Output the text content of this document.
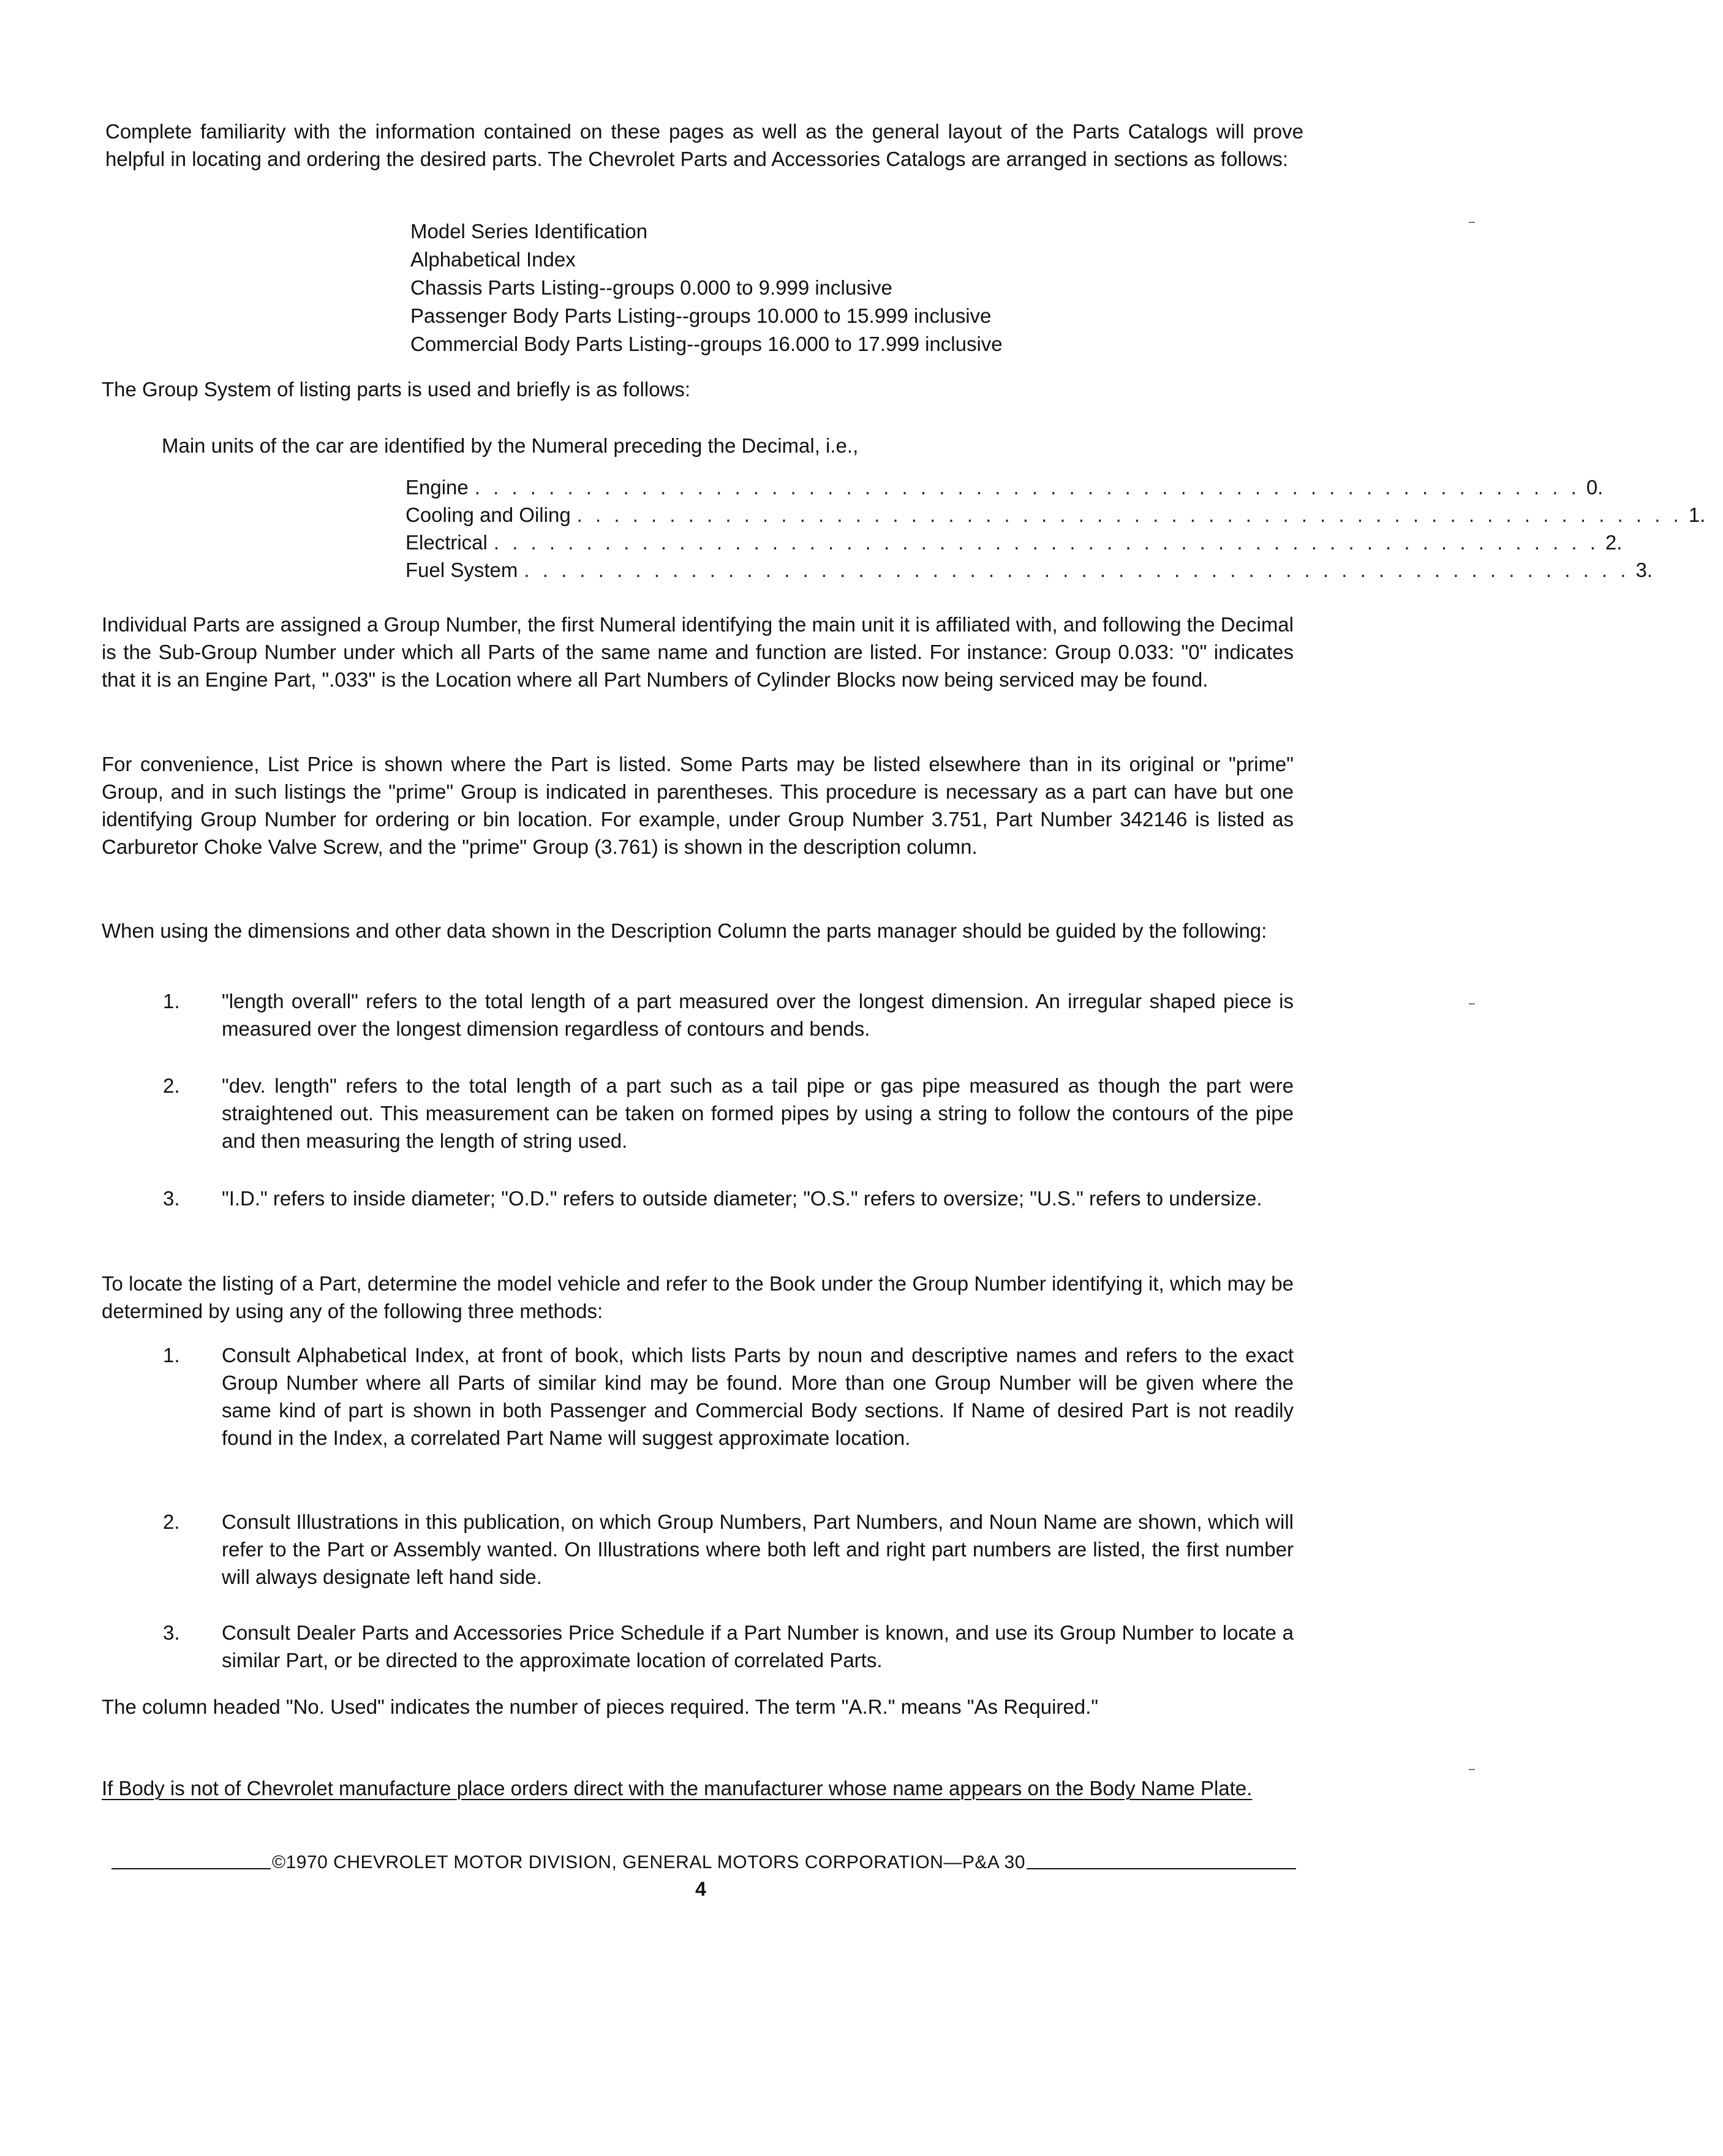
Complete familiarity with the information contained on these pages as well as the general layout of the Parts Catalogs will prove helpful in locating and ordering the desired parts. The Chevrolet Parts and Accessories Catalogs are arranged in sections as follows:

Model Series Identification
Alphabetical Index
Chassis Parts Listing--groups 0.000 to 9.999 inclusive
Passenger Body Parts Listing--groups 10.000 to 15.999 inclusive
Commercial Body Parts Listing--groups 16.000 to 17.999 inclusive

The Group System of listing parts is used and briefly is as follows:

Main units of the car are identified by the Numeral preceding the Decimal, i.e.,

Engine . . . . . . . . . . . . . . . . . . . . . . . . . . . . . . . . . . . . . . . . . . . . . . . . . . . . . . . . . . . . 0.
Cooling and Oiling . . . . . . . . . . . . . . . . . . . . . . . . . . . . . . . . . . . . . . . . . . . . . . . . . . . . . . . . . . . . 1.
Electrical . . . . . . . . . . . . . . . . . . . . . . . . . . . . . . . . . . . . . . . . . . . . . . . . . . . . . . . . . . . . 2.
Fuel System . . . . . . . . . . . . . . . . . . . . . . . . . . . . . . . . . . . . . . . . . . . . . . . . . . . . . . . . . . . . 3.

Individual Parts are assigned a Group Number, the first Numeral identifying the main unit it is affiliated with, and following the Decimal is the Sub-Group Number under which all Parts of the same name and function are listed. For instance: Group 0.033: "0" indicates that it is an Engine Part, ".033" is the Location where all Part Numbers of Cylinder Blocks now being serviced may be found.

For convenience, List Price is shown where the Part is listed. Some Parts may be listed elsewhere than in its original or "prime" Group, and in such listings the "prime" Group is indicated in parentheses. This procedure is necessary as a part can have but one identifying Group Number for ordering or bin location. For example, under Group Number 3.751, Part Number 342146 is listed as Carburetor Choke Valve Screw, and the "prime" Group (3.761) is shown in the description column.

When using the dimensions and other data shown in the Description Column the parts manager should be guided by the following:

1.	"length overall" refers to the total length of a part measured over the longest dimension. An irregular shaped piece is measured over the longest dimension regardless of contours and bends.
2.	"dev. length" refers to the total length of a part such as a tail pipe or gas pipe measured as though the part were straightened out. This measurement can be taken on formed pipes by using a string to follow the contours of the pipe and then measuring the length of string used.
3.	"I.D." refers to inside diameter; "O.D." refers to outside diameter; "O.S." refers to oversize; "U.S." refers to undersize.

To locate the listing of a Part, determine the model vehicle and refer to the Book under the Group Number identifying it, which may be determined by using any of the following three methods:

1.	Consult Alphabetical Index, at front of book, which lists Parts by noun and descriptive names and refers to the exact Group Number where all Parts of similar kind may be found. More than one Group Number will be given where the same kind of part is shown in both Passenger and Commercial Body sections. If Name of desired Part is not readily found in the Index, a correlated Part Name will suggest approximate location.
2.	Consult Illustrations in this publication, on which Group Numbers, Part Numbers, and Noun Name are shown, which will refer to the Part or Assembly wanted. On Illustrations where both left and right part numbers are listed, the first number will always designate left hand side.
3.	Consult Dealer Parts and Accessories Price Schedule if a Part Number is known, and use its Group Number to locate a similar Part, or be directed to the approximate location of correlated Parts.

The column headed "No. Used" indicates the number of pieces required. The term "A.R." means "As Required."

If Body is not of Chevrolet manufacture place orders direct with the manufacturer whose name appears on the Body Name Plate.

©1970 CHEVROLET MOTOR DIVISION, GENERAL MOTORS CORPORATION—P&A 30
4
